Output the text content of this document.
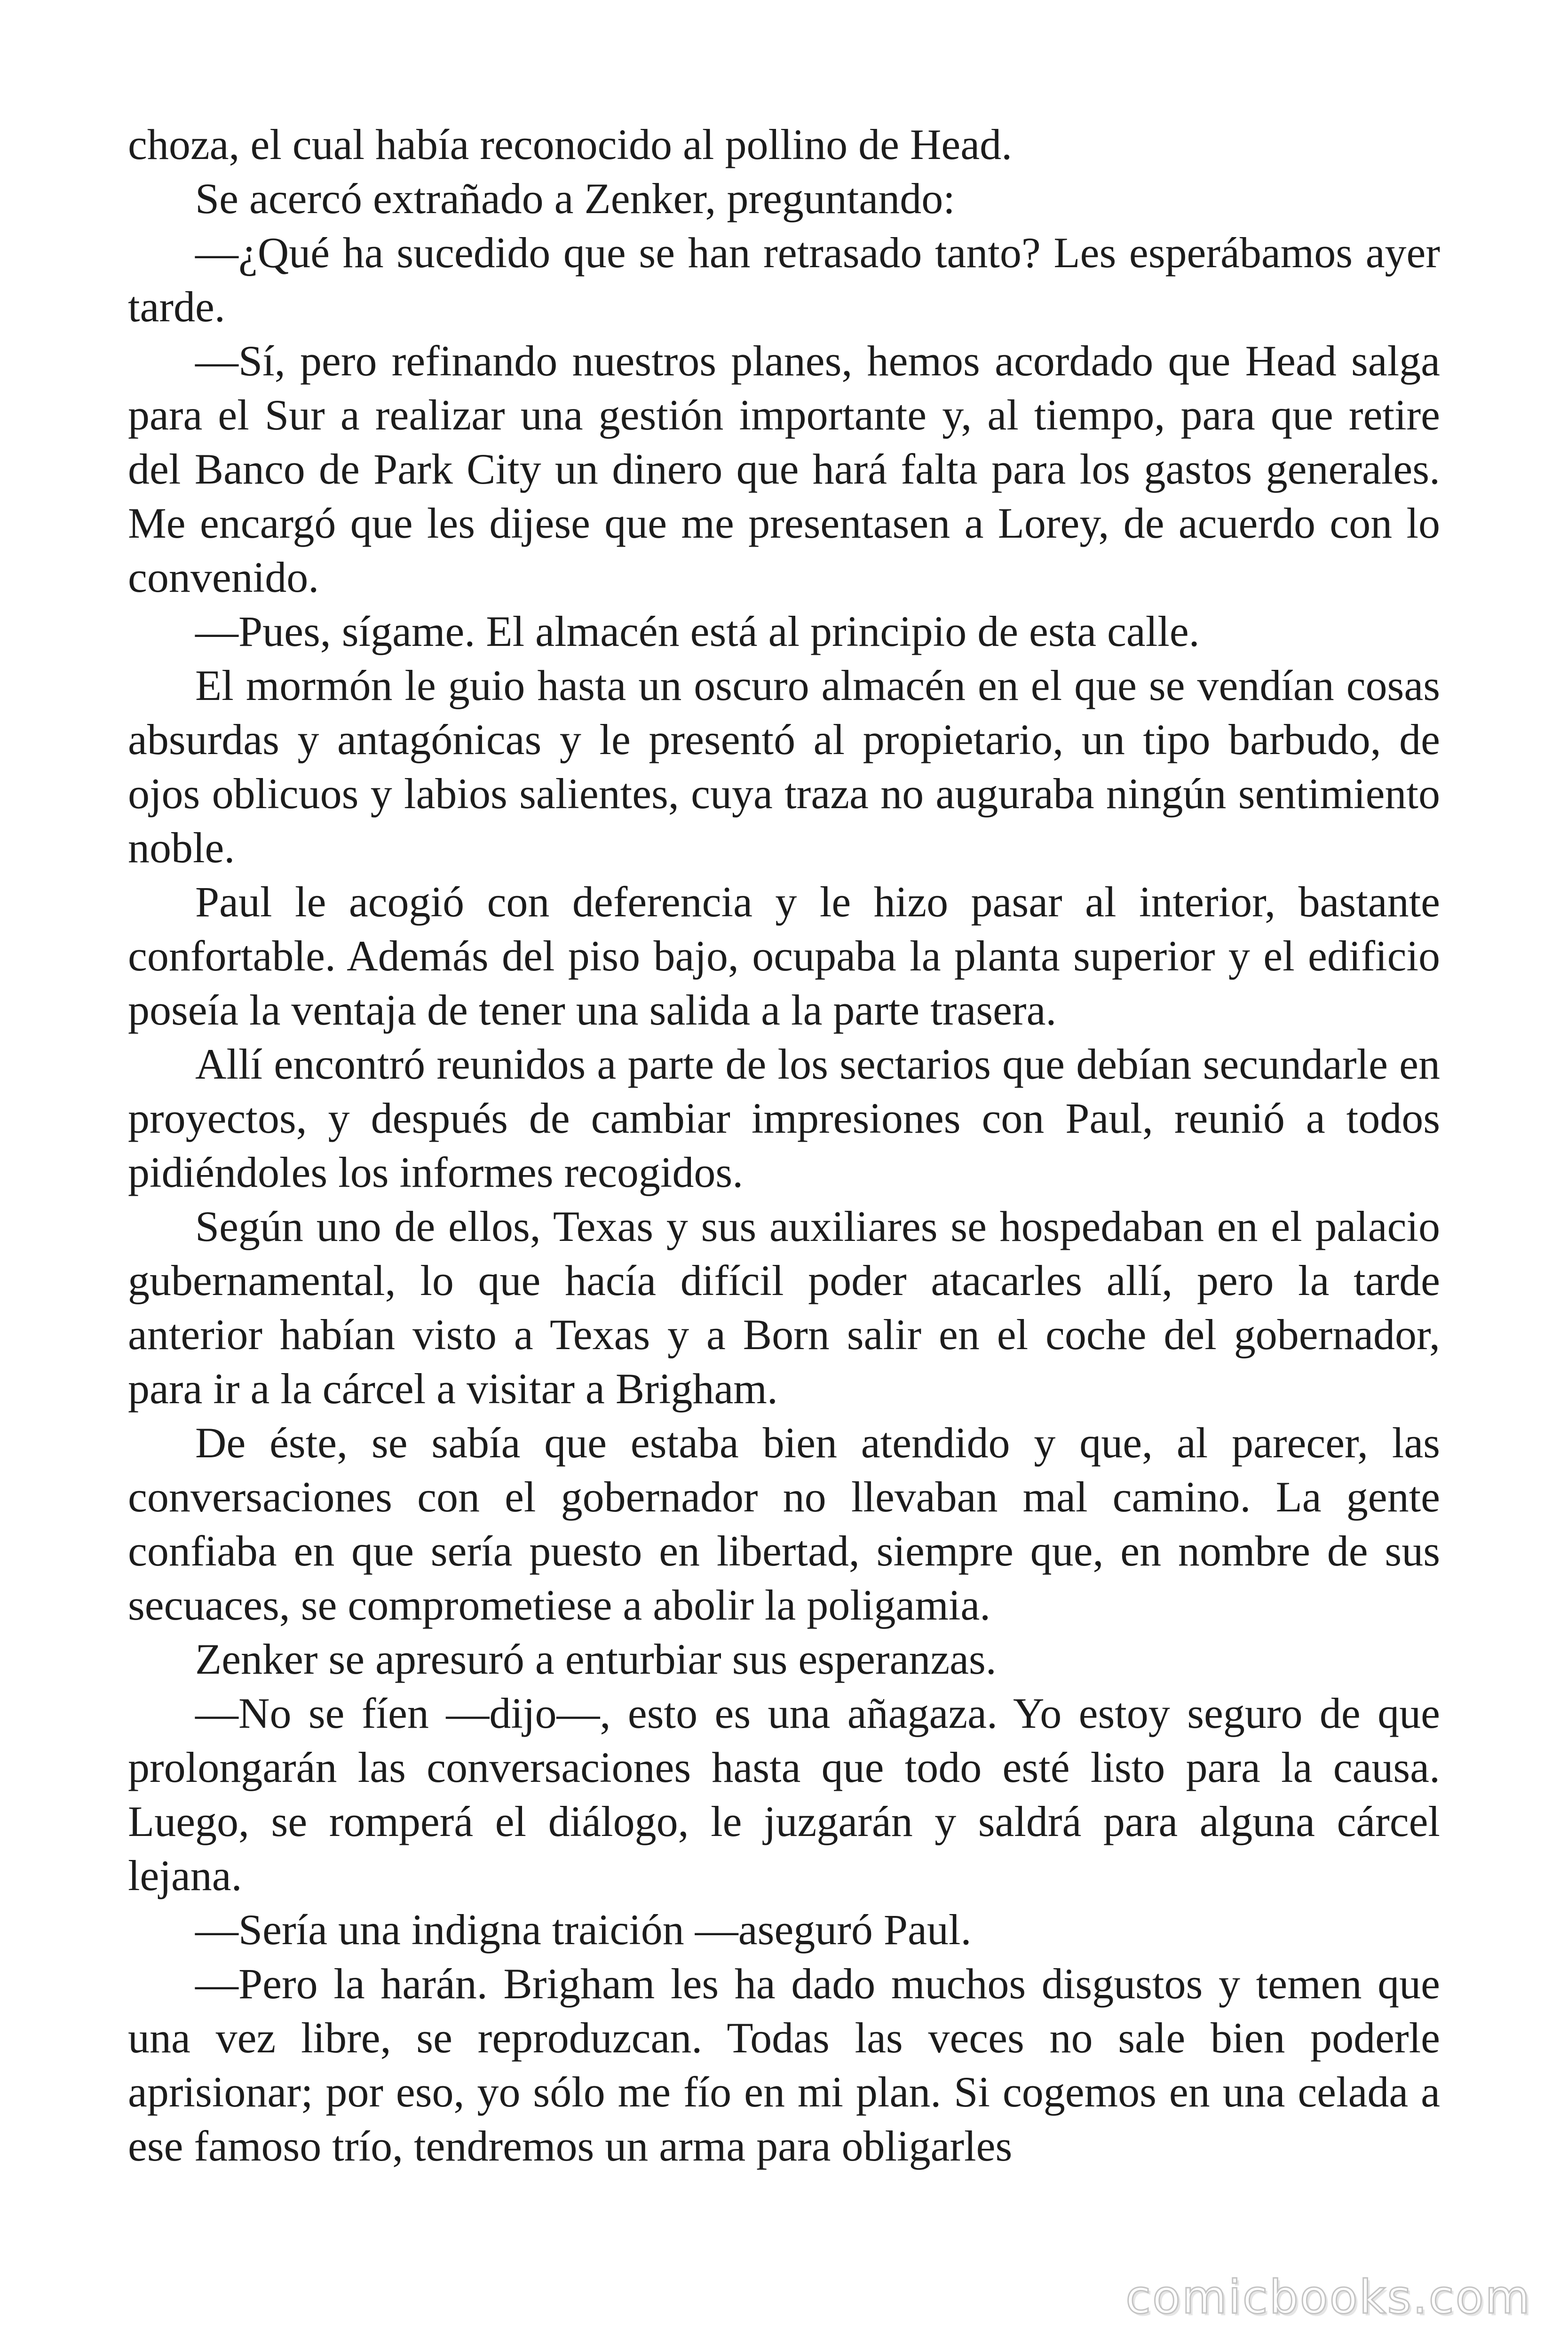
choza, el cual había reconocido al pollino de Head.

Se acercó extrañado a Zenker, preguntando:

—¿Qué ha sucedido que se han retrasado tanto? Les esperábamos ayer tarde.

—Sí, pero refinando nuestros planes, hemos acordado que Head salga para el Sur a realizar una gestión importante y, al tiempo, para que retire del Banco de Park City un dinero que hará falta para los gastos generales. Me encargó que les dijese que me presentasen a Lorey, de acuerdo con lo convenido.

—Pues, sígame. El almacén está al principio de esta calle.

El mormón le guio hasta un oscuro almacén en el que se vendían cosas absurdas y antagónicas y le presentó al propietario, un tipo barbudo, de ojos oblicuos y labios salientes, cuya traza no auguraba ningún sentimiento noble.

Paul le acogió con deferencia y le hizo pasar al interior, bastante confortable. Además del piso bajo, ocupaba la planta superior y el edificio poseía la ventaja de tener una salida a la parte trasera.

Allí encontró reunidos a parte de los sectarios que debían secundarle en proyectos, y después de cambiar impresiones con Paul, reunió a todos pidiéndoles los informes recogidos.

Según uno de ellos, Texas y sus auxiliares se hospedaban en el palacio gubernamental, lo que hacía difícil poder atacarles allí, pero la tarde anterior habían visto a Texas y a Born salir en el coche del gobernador, para ir a la cárcel a visitar a Brigham.

De éste, se sabía que estaba bien atendido y que, al parecer, las conversaciones con el gobernador no llevaban mal camino. La gente confiaba en que sería puesto en libertad, siempre que, en nombre de sus secuaces, se comprometiese a abolir la poligamia.

Zenker se apresuró a enturbiar sus esperanzas.

—No se fíen —dijo—, esto es una añagaza. Yo estoy seguro de que prolongarán las conversaciones hasta que todo esté listo para la causa. Luego, se romperá el diálogo, le juzgarán y saldrá para alguna cárcel lejana.

—Sería una indigna traición —aseguró Paul.

—Pero la harán. Brigham les ha dado muchos disgustos y temen que una vez libre, se reproduzcan. Todas las veces no sale bien poderle aprisionar; por eso, yo sólo me fío en mi plan. Si cogemos en una celada a ese famoso trío, tendremos un arma para obligarles

comicbooks.com
